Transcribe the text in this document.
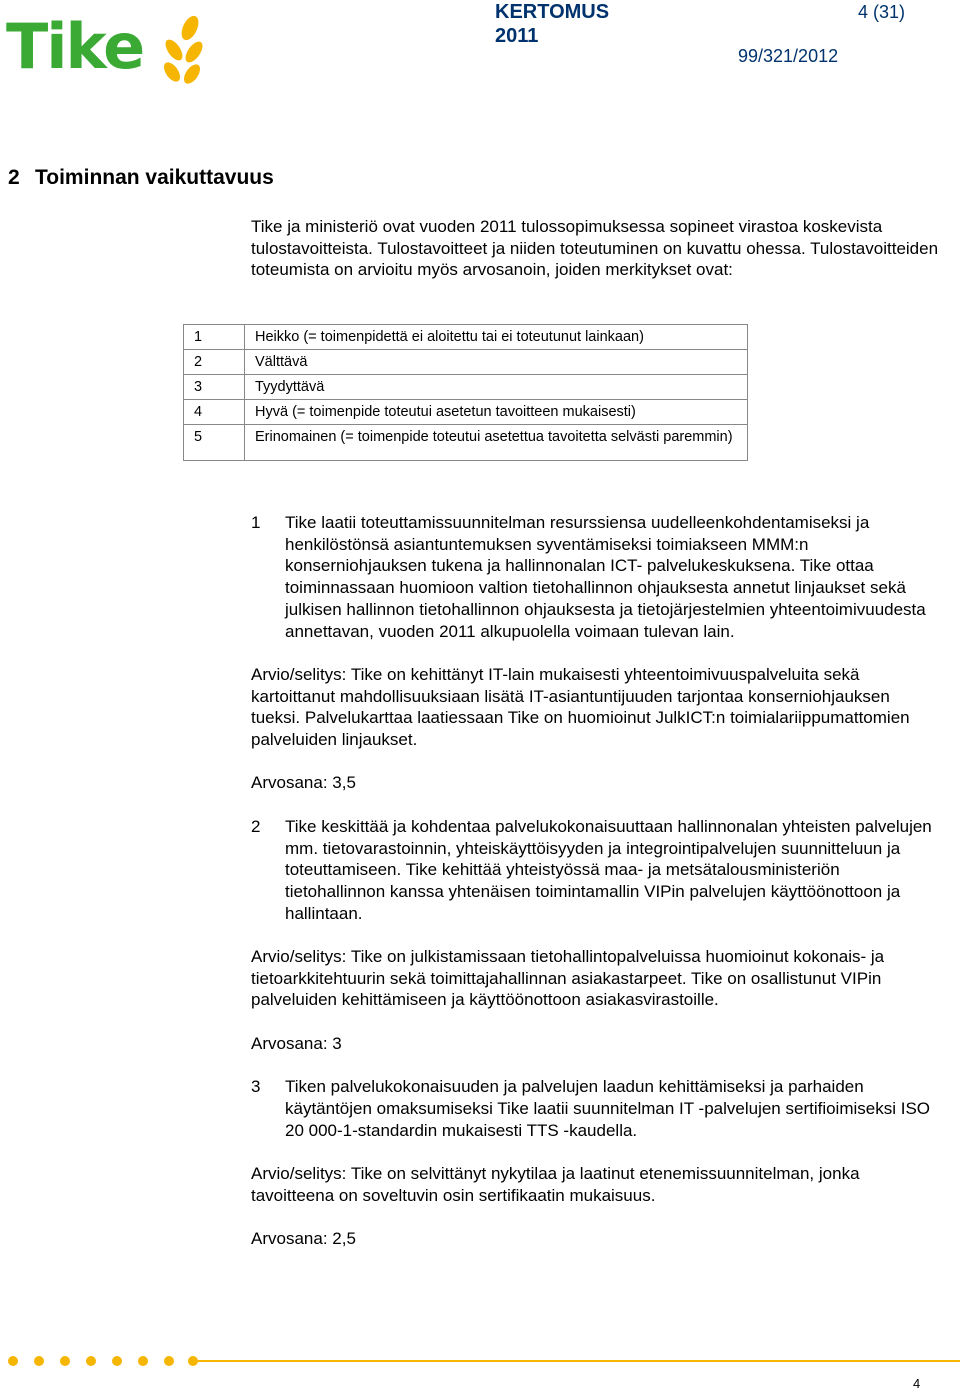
Tike	KERTOMUS 2011
4 (31)
99/321/2012
2 Toiminnan vaikuttavuus

Tike ja ministeriö ovat vuoden 2011 tulossopimuksessa sopineet virastoa koskevista tulostavoitteista. Tulostavoitteet ja niiden toteutuminen on kuvattu ohessa. Tulostavoitteiden toteumista on arvioitu myös arvosanoin, joiden merkitykset ovat:

1	Heikko (= toimenpidettä ei aloitettu tai ei toteutunut lainkaan)
2	Välttävä
3	Tyydyttävä
4	Hyvä (= toimenpide toteutui asetetun tavoitteen mukaisesti)
5	Erinomainen (= toimenpide toteutui asetettua tavoitetta selvästi paremmin)
1	Tike laatii toteuttamissuunnitelman resurssiensa uudelleenkohdentamiseksi ja henkilöstönsä asiantuntemuksen syventämiseksi toimiakseen MMM:n konserniohjauksen tukena ja hallinnonalan ICT- palvelukeskuksena. Tike ottaa toiminnassaan huomioon valtion tietohallinnon ohjauksesta annetut linjaukset sekä julkisen hallinnon tietohallinnon ohjauksesta ja tietojärjestelmien yhteentoimivuudesta annettavan, vuoden 2011 alkupuolella voimaan tulevan lain.

Arvio/selitys: Tike on kehittänyt IT-lain mukaisesti yhteentoimivuuspalveluita sekä kartoittanut mahdollisuuksiaan lisätä IT-asiantuntijuuden tarjontaa konserniohjauksen tueksi. Palvelukarttaa laatiessaan Tike on huomioinut JulkICT:n toimialariippumattomien palveluiden linjaukset.

Arvosana: 3,5

2	Tike keskittää ja kohdentaa palvelukokonaisuuttaan hallinnonalan yhteisten palvelujen mm. tietovarastoinnin, yhteiskäyttöisyyden ja integrointipalvelujen suunnitteluun ja toteuttamiseen. Tike kehittää yhteistyössä maa- ja metsätalousministeriön tietohallinnon kanssa yhtenäisen toimintamallin VIPin palvelujen käyttöönottoon ja hallintaan.

Arvio/selitys: Tike on julkistamissaan tietohallintopalveluissa huomioinut kokonais- ja tietoarkkitehtuurin sekä toimittajahallinnan asiakastarpeet. Tike on osallistunut VIPin palveluiden kehittämiseen ja käyttöönottoon asiakasvirastoille.

Arvosana: 3

3	Tiken palvelukokonaisuuden ja palvelujen laadun kehittämiseksi ja parhaiden käytäntöjen omaksumiseksi Tike laatii suunnitelman IT -palvelujen sertifioimiseksi ISO 20 000-1-standardin mukaisesti TTS -kaudella.

Arvio/selitys: Tike on selvittänyt nykytilaa ja laatinut etenemissuunnitelman, jonka tavoitteena on soveltuvin osin sertifikaatin mukaisuus.

Arvosana: 2,5

4
